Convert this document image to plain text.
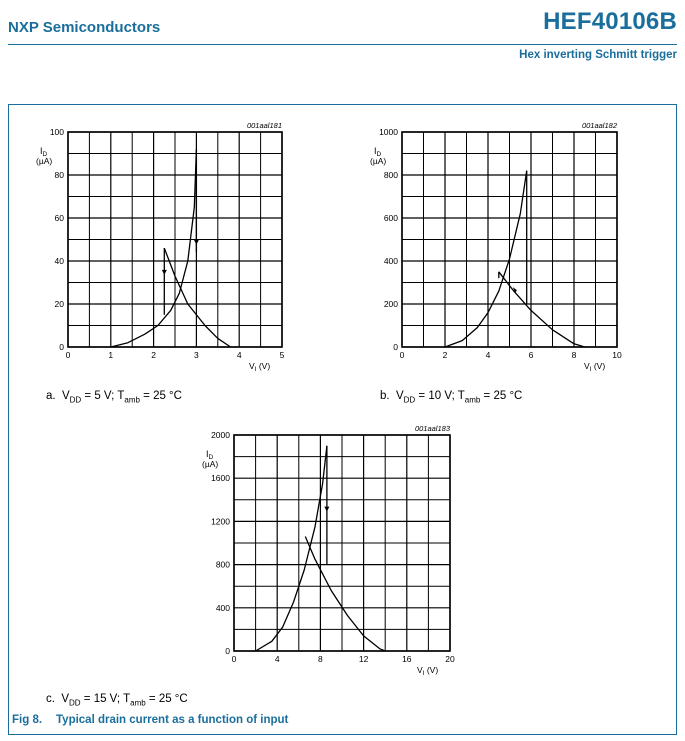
NXP Semiconductors	HEF40106B
Hex inverting Schmitt trigger
0	1	2	3	4	5
0
20
40
60
80
100
$I_D$
(µA)
$V_I$ (V)
001aal181
0	2	4	6	8	10
0
200
400
600
800
1000
$I_D$
(µA)
$V_I$ (V)
001aal182
0	4	8	12	16	20
0
400
800
1200
1600
2000
$I_D$
(µA)
$V_I$ (V)
001aal183
a.  $V_{DD} = 5$ V; $T_{amb} = 25$ °C	b.  $V_{DD} = 10$ V; $T_{amb} = 25$ °C
c.  $V_{DD} = 15$ V; $T_{amb} = 25$ °C
Fig 8. Typical drain current as a function of input
